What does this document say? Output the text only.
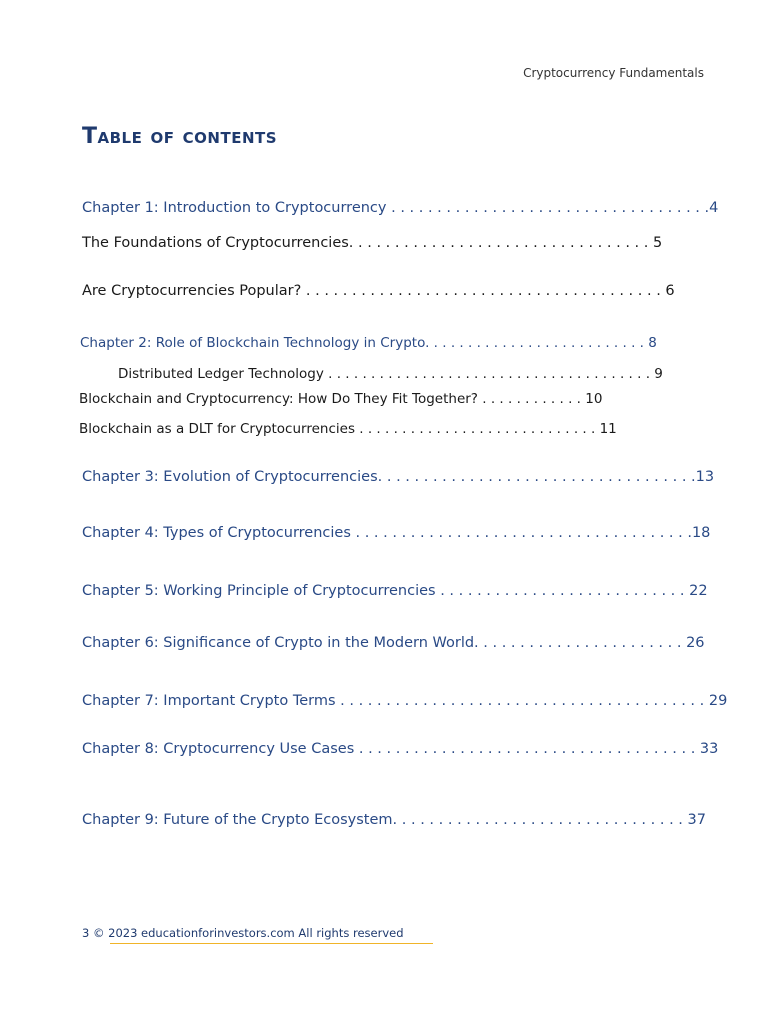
Cryptocurrency Fundamentals
Table of contents
Chapter 1: Introduction to Cryptocurrency . . . . . . . . . . . . . . . . . . . . . . . . . . . . . . . . . . .4
The Foundations of Cryptocurrencies. . . . . . . . . . . . . . . . . . . . . . . . . . . . . . . . . 5
Are Cryptocurrencies Popular? . . . . . . . . . . . . . . . . . . . . . . . . . . . . . . . . . . . . . . . 6
Chapter 2: Role of Blockchain Technology in Crypto. . . . . . . . . . . . . . . . . . . . . . . . . . 8
Distributed Ledger Technology . . . . . . . . . . . . . . . . . . . . . . . . . . . . . . . . . . . . . . 9
Blockchain and Cryptocurrency: How Do They Fit Together? . . . . . . . . . . . . 10
Blockchain as a DLT for Cryptocurrencies . . . . . . . . . . . . . . . . . . . . . . . . . . . . 11
Chapter 3: Evolution of Cryptocurrencies. . . . . . . . . . . . . . . . . . . . . . . . . . . . . . . . . . .13
Chapter 4: Types of Cryptocurrencies . . . . . . . . . . . . . . . . . . . . . . . . . . . . . . . . . . . . .18
Chapter 5: Working Principle of Cryptocurrencies . . . . . . . . . . . . . . . . . . . . . . . . . . . 22
Chapter 6: Significance of Crypto in the Modern World. . . . . . . . . . . . . . . . . . . . . . . 26
Chapter 7: Important Crypto Terms . . . . . . . . . . . . . . . . . . . . . . . . . . . . . . . . . . . . . . . . 29
Chapter 8: Cryptocurrency Use Cases . . . . . . . . . . . . . . . . . . . . . . . . . . . . . . . . . . . . . 33
Chapter 9: Future of the Crypto Ecosystem. . . . . . . . . . . . . . . . . . . . . . . . . . . . . . . . 37
3 © 2023 educationforinvestors.com All rights reserved
